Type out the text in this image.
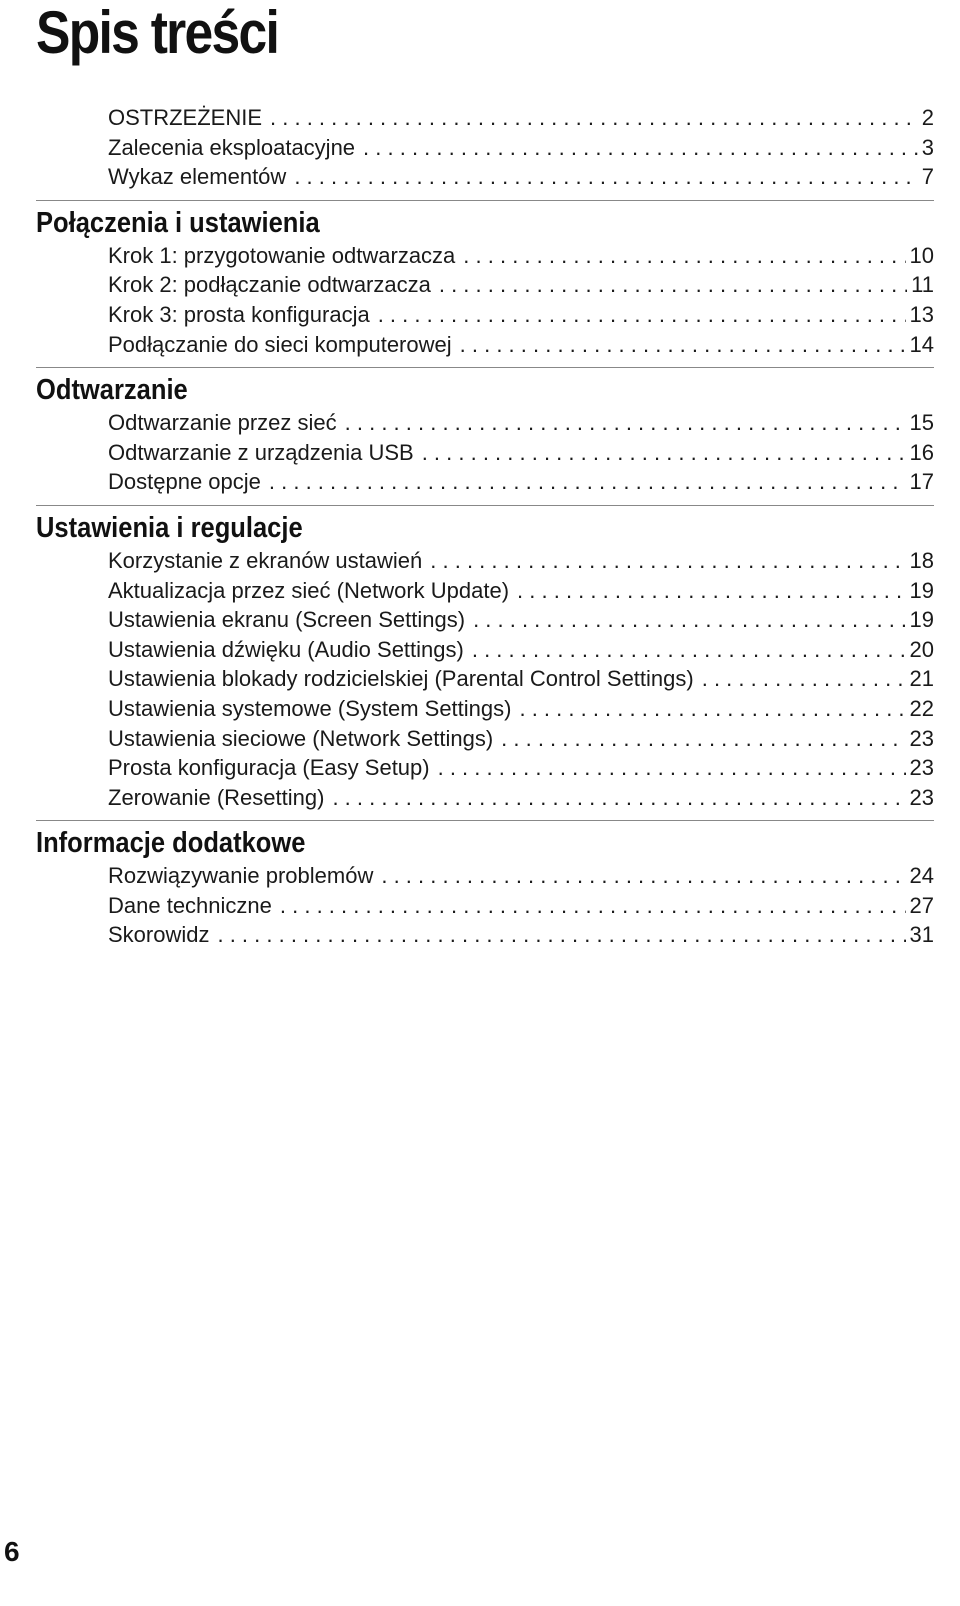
Spis treści
OSTRZEŻENIE . . .	2
Zalecenia eksploatacyjne . . .	3
Wykaz elementów . . .	7
Połączenia i ustawienia
Krok 1: przygotowanie odtwarzacza . . .	10
Krok 2: podłączanie odtwarzacza . . .	11
Krok 3: prosta konfiguracja . . .	13
Podłączanie do sieci komputerowej . . .	14
Odtwarzanie
Odtwarzanie przez sieć . . .	15
Odtwarzanie z urządzenia USB . . .	16
Dostępne opcje . . .	17
Ustawienia i regulacje
Korzystanie z ekranów ustawień . . .	18
Aktualizacja przez sieć (Network Update) . . .	19
Ustawienia ekranu (Screen Settings) . . .	19
Ustawienia dźwięku (Audio Settings) . . .	20
Ustawienia blokady rodzicielskiej (Parental Control Settings) . . .	21
Ustawienia systemowe (System Settings) . . .	22
Ustawienia sieciowe (Network Settings) . . .	23
Prosta konfiguracja (Easy Setup) . . .	23
Zerowanie (Resetting) . . .	23
Informacje dodatkowe
Rozwiązywanie problemów . . .	24
Dane techniczne . . .	27
Skorowidz . . .	31
6
